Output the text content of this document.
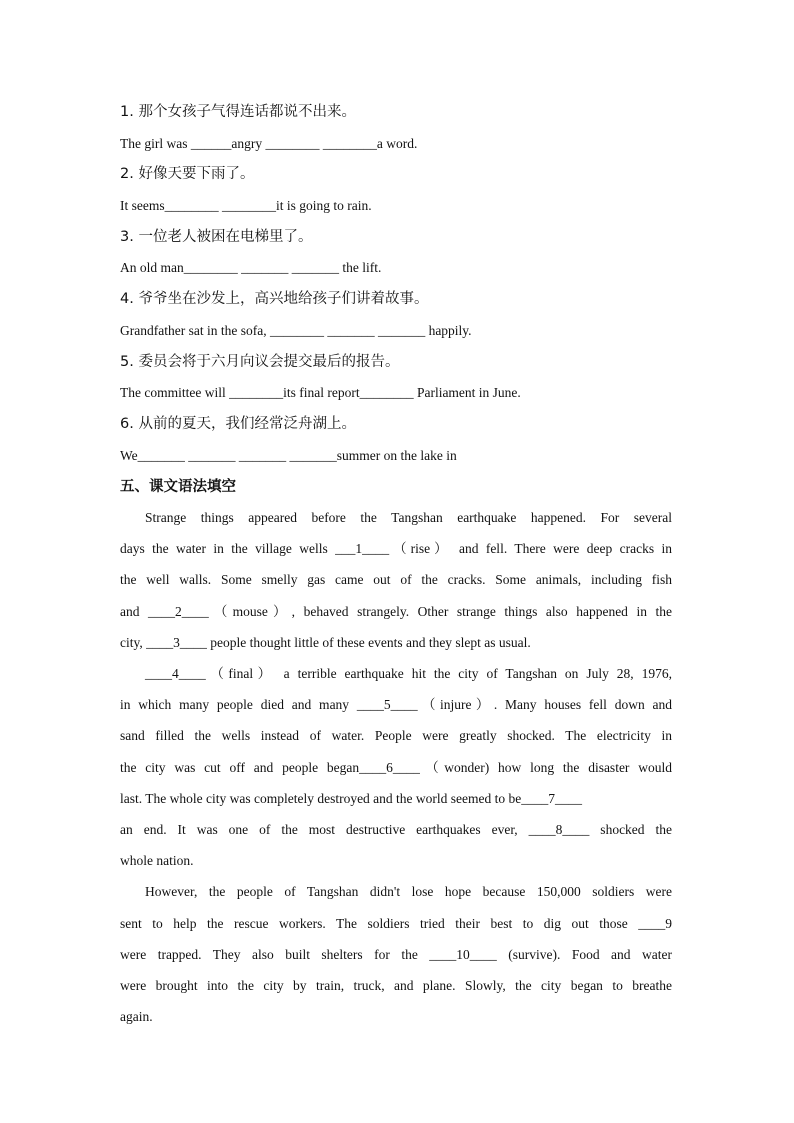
1. 那个女孩子气得连话都说不出来。
The girl was ______angry ________ ________a word.
2. 好像天要下雨了。
It seems________ ________it is going to rain.
3. 一位老人被困在电梯里了。
An old man________ _______ _______ the lift.
4. 爷爷坐在沙发上，高兴地给孩子们讲着故事。
Grandfather sat in the sofa, ________ _______ _______ happily.
5. 委员会将于六月向议会提交最后的报告。
The committee will ________its final report________ Parliament in June.
6. 从前的夏天，我们经常泛舟湖上。
We_______ _______ _______ _______summer on the lake in
五、课文语法填空
Strange things appeared before the Tangshan earthquake happened. For several
days the water in the village wells ___1____（rise） and fell. There were deep cracks in
the well walls. Some smelly gas came out of the cracks. Some animals, including fish
and ____2____（mouse）, behaved strangely. Other strange things also happened in the
city, ____3____ people thought little of these events and they slept as usual.
____4____（final） a terrible earthquake hit the city of Tangshan on July 28, 1976,
in which many people died and many ____5____（injure）. Many houses fell down and
sand filled the wells instead of water. People were greatly shocked. The electricity in
the city was cut off and people began____6____（wonder) how long the disaster would
last. The whole city was completely destroyed and the world seemed to be____7____
an end. It was one of the most destructive earthquakes ever, ____8____ shocked the
whole nation.
However, the people of Tangshan didn't lose hope because 150,000 soldiers were
sent to help the rescue workers. The soldiers tried their best to dig out those ____9
were trapped. They also built shelters for the ____10____ (survive). Food and water
were brought into the city by train, truck, and plane. Slowly, the city began to breathe
again.
